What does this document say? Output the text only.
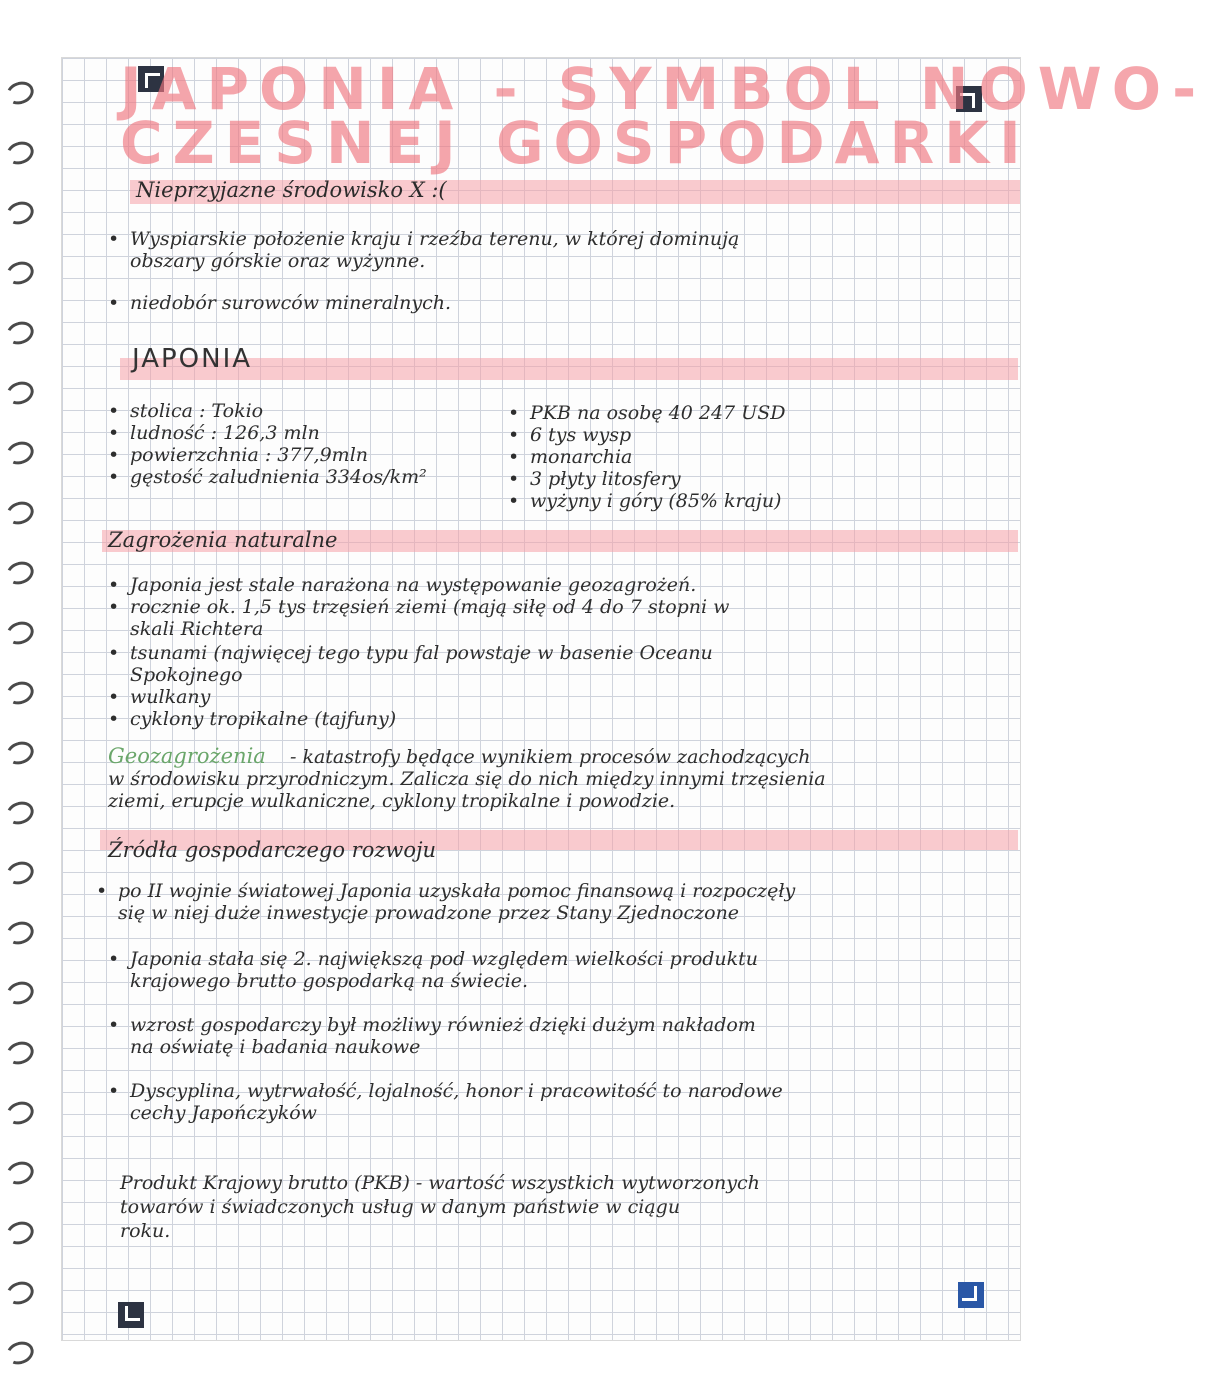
JAPONIA - SYMBOL NOWO-
CZESNEJ GOSPODARKI
Nieprzyjazne środowisko X :(
• Wyspiarskie położenie kraju i rzeźba terenu, w której dominują
obszary górskie oraz wyżynne.
• niedobór surowców mineralnych.
JAPONIA
• stolica : Tokio
• ludność : 126,3 mln
• powierzchnia : 377,9mln
• gęstość zaludnienia 334os/km²
• PKB na osobę 40 247 USD
• 6 tys wysp
• monarchia
• 3 płyty litosfery
• wyżyny i góry (85% kraju)
Zagrożenia naturalne
• Japonia jest stale narażona na występowanie geozagrożeń.
• rocznie ok. 1,5 tys trzęsień ziemi (mają siłę od 4 do 7 stopni w
skali Richtera
• tsunami (najwięcej tego typu fal powstaje w basenie Oceanu
Spokojnego
• wulkany
• cyklony tropikalne (tajfuny)
Geozagrożenia - katastrofy będące wynikiem procesów zachodzących
w środowisku przyrodniczym. Zalicza się do nich między innymi trzęsienia
ziemi, erupcje wulkaniczne, cyklony tropikalne i powodzie.
Źródła gospodarczego rozwoju
• po II wojnie światowej Japonia uzyskała pomoc finansową i rozpoczęły
się w niej duże inwestycje prowadzone przez Stany Zjednoczone
• Japonia stała się 2. największą pod względem wielkości produktu
krajowego brutto gospodarką na świecie.
• wzrost gospodarczy był możliwy również dzięki dużym nakładom
na oświatę i badania naukowe
• Dyscyplina, wytrwałość, lojalność, honor i pracowitość to narodowe
cechy Japończyków
Produkt Krajowy brutto (PKB) - wartość wszystkich wytworzonych
towarów i świadczonych usług w danym państwie w ciągu
roku.
